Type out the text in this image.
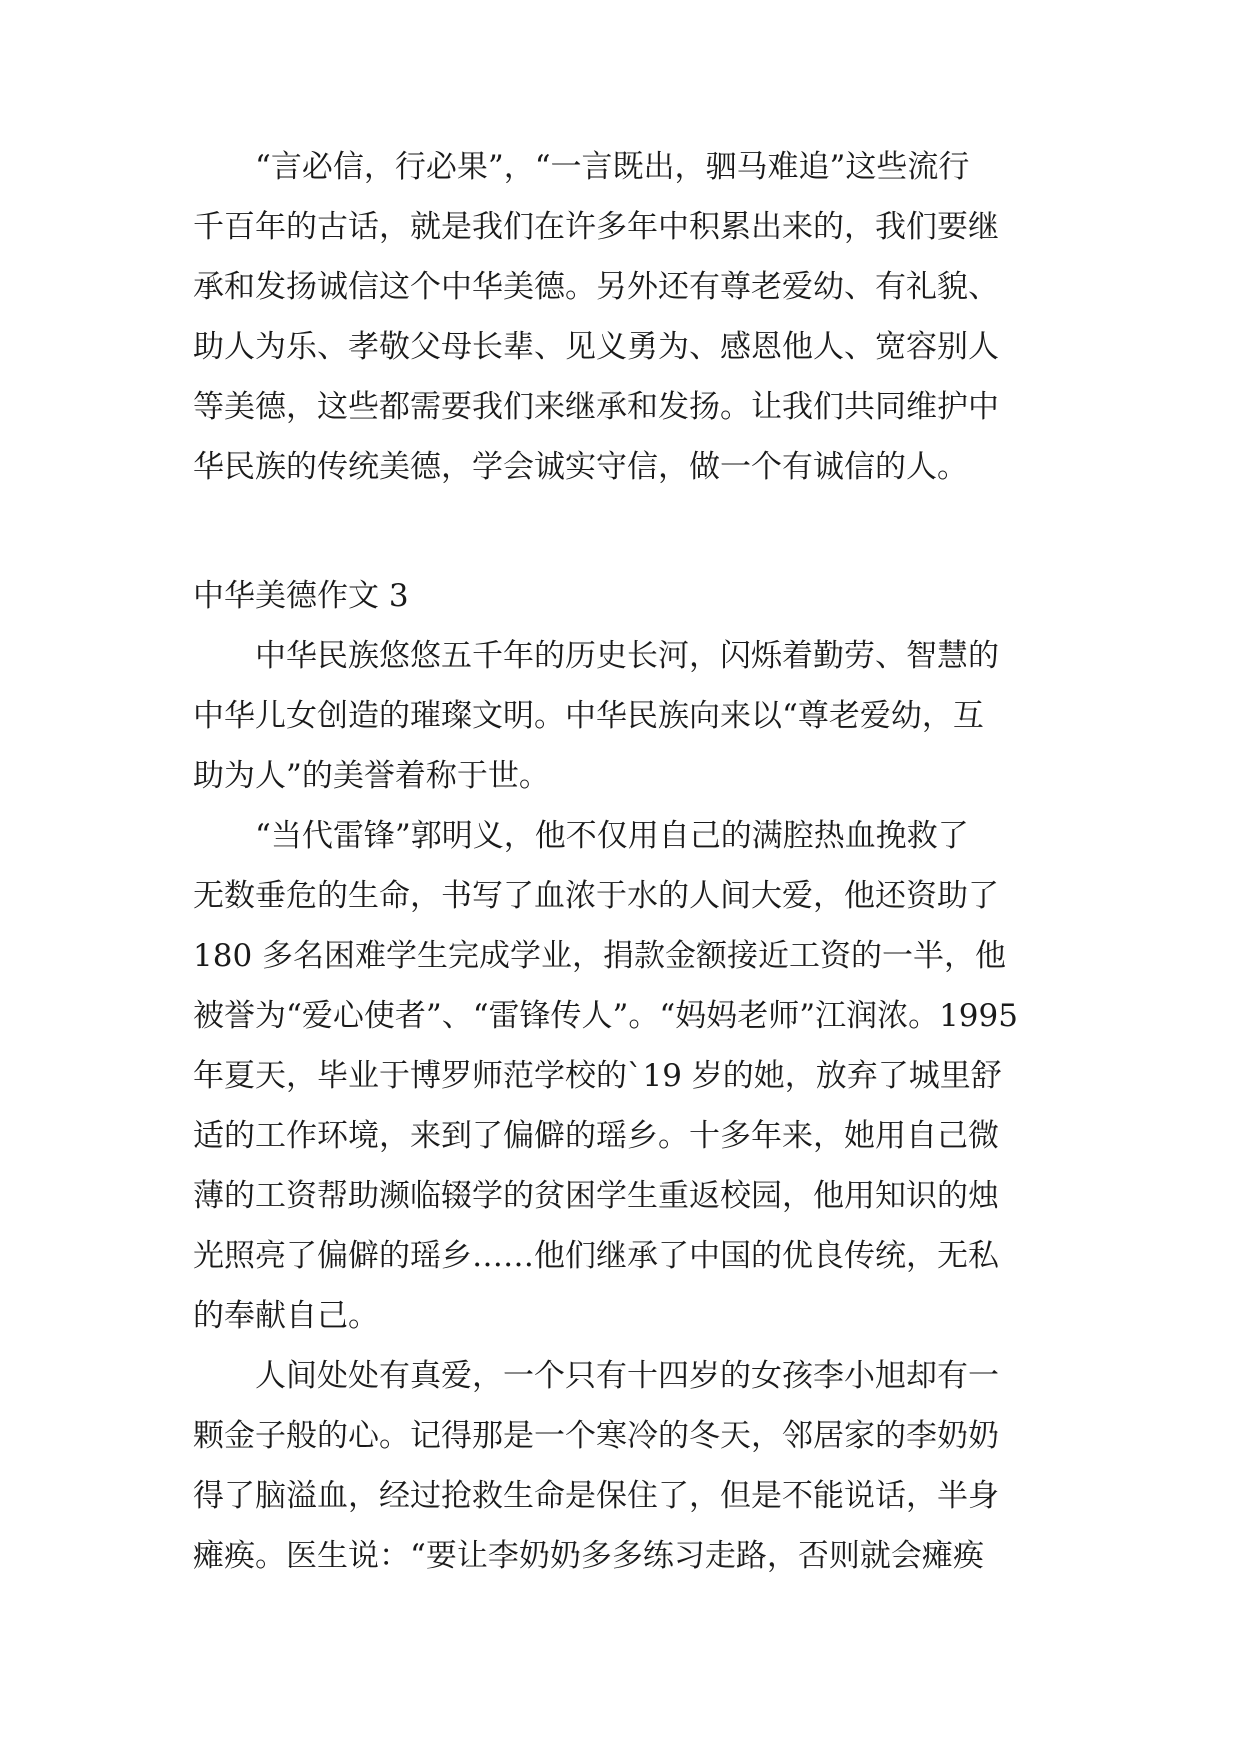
“言必信，行必果”，“一言既出，驷马难追”这些流行
千百年的古话，就是我们在许多年中积累出来的，我们要继
承和发扬诚信这个中华美德。另外还有尊老爱幼、有礼貌、
助人为乐、孝敬父母长辈、见义勇为、感恩他人、宽容别人
等美德，这些都需要我们来继承和发扬。让我们共同维护中
华民族的传统美德，学会诚实守信，做一个有诚信的人。
中华美德作文 3
中华民族悠悠五千年的历史长河，闪烁着勤劳、智慧的
中华儿女创造的璀璨文明。中华民族向来以“尊老爱幼，互
助为人”的美誉着称于世。
“当代雷锋”郭明义，他不仅用自己的满腔热血挽救了
无数垂危的生命，书写了血浓于水的人间大爱，他还资助了
180 多名困难学生完成学业，捐款金额接近工资的一半，他
被誉为“爱心使者”、“雷锋传人”。“妈妈老师”江润浓。1995
年夏天，毕业于博罗师范学校的`19 岁的她，放弃了城里舒
适的工作环境，来到了偏僻的瑶乡。十多年来，她用自己微
薄的工资帮助濒临辍学的贫困学生重返校园，他用知识的烛
光照亮了偏僻的瑶乡……他们继承了中国的优良传统，无私
的奉献自己。
人间处处有真爱，一个只有十四岁的女孩李小旭却有一
颗金子般的心。记得那是一个寒冷的冬天，邻居家的李奶奶
得了脑溢血，经过抢救生命是保住了，但是不能说话，半身
瘫痪。医生说：“要让李奶奶多多练习走路，否则就会瘫痪
